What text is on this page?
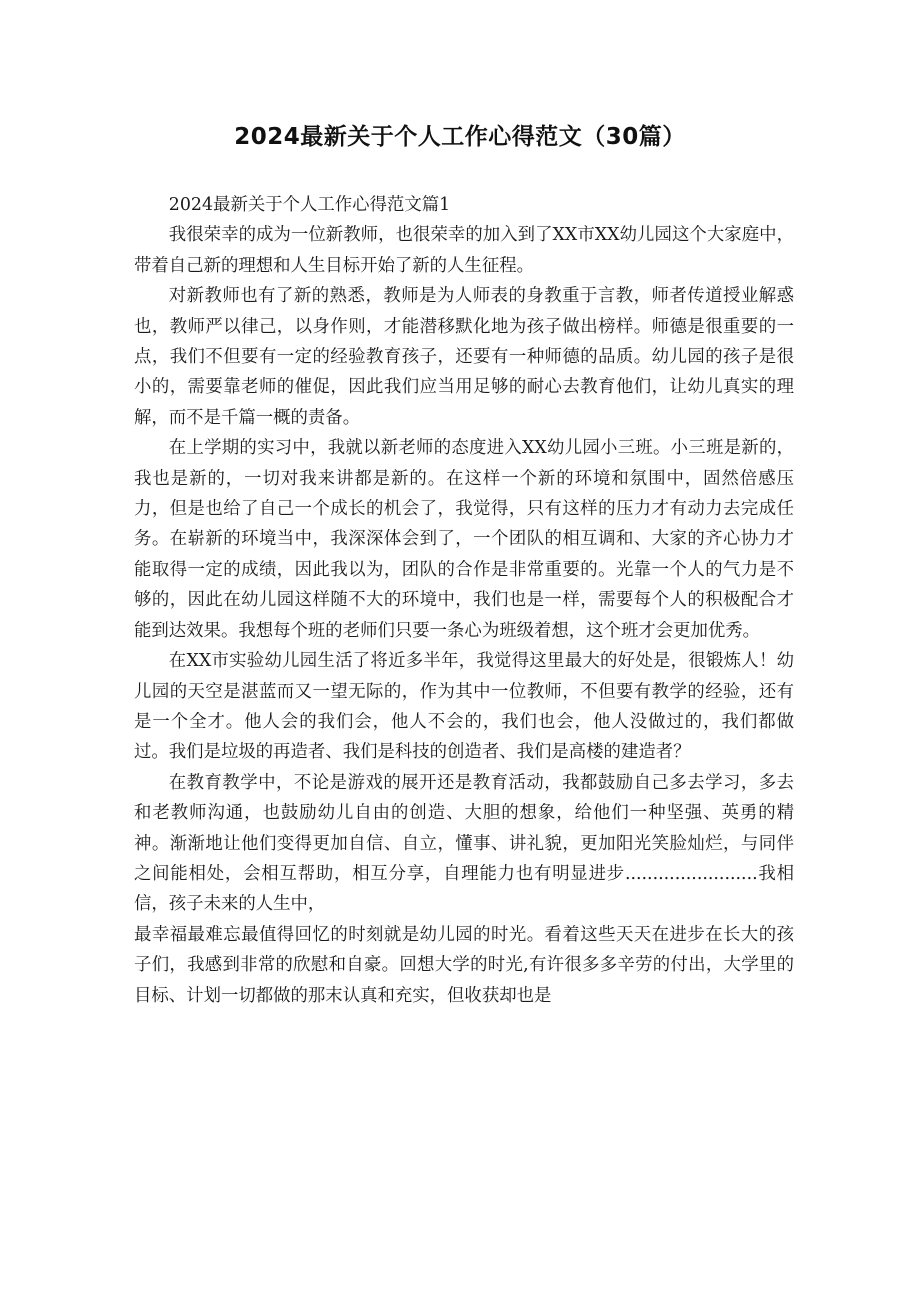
2024最新关于个人工作心得范文（30篇）

2024最新关于个人工作心得范文篇1

我很荣幸的成为一位新教师，也很荣幸的加入到了XX市XX幼儿园这个大家庭中，带着自己新的理想和人生目标开始了新的人生征程。

对新教师也有了新的熟悉，教师是为人师表的身教重于言教，师者传道授业解惑也，教师严以律己，以身作则，才能潜移默化地为孩子做出榜样。师德是很重要的一点，我们不但要有一定的经验教育孩子，还要有一种师德的品质。幼儿园的孩子是很小的，需要靠老师的催促，因此我们应当用足够的耐心去教育他们，让幼儿真实的理解，而不是千篇一概的责备。

在上学期的实习中，我就以新老师的态度进入XX幼儿园小三班。小三班是新的，我也是新的，一切对我来讲都是新的。在这样一个新的环境和氛围中，固然倍感压力，但是也给了自己一个成长的机会了，我觉得，只有这样的压力才有动力去完成任务。在崭新的环境当中，我深深体会到了，一个团队的相互调和、大家的齐心协力才能取得一定的成绩，因此我以为，团队的合作是非常重要的。光靠一个人的气力是不够的，因此在幼儿园这样随不大的环境中，我们也是一样，需要每个人的积极配合才能到达效果。我想每个班的老师们只要一条心为班级着想，这个班才会更加优秀。

在XX市实验幼儿园生活了将近多半年，我觉得这里最大的好处是，很锻炼人！幼儿园的天空是湛蓝而又一望无际的，作为其中一位教师，不但要有教学的经验，还有是一个全才。他人会的我们会，他人不会的，我们也会，他人没做过的，我们都做过。我们是垃圾的再造者、我们是科技的创造者、我们是高楼的建造者？

在教育教学中，不论是游戏的展开还是教育活动，我都鼓励自己多去学习，多去和老教师沟通，也鼓励幼儿自由的创造、大胆的想象，给他们一种坚强、英勇的精神。渐渐地让他们变得更加自信、自立，懂事、讲礼貌，更加阳光笑脸灿烂，与同伴之间能相处，会相互帮助，相互分享，自理能力也有明显进步........................我相信，孩子未来的人生中，

最幸福最难忘最值得回忆的时刻就是幼儿园的时光。看着这些天天在进步在长大的孩子们，我感到非常的欣慰和自豪。回想大学的时光,有许很多多辛劳的付出，大学里的目标、计划一切都做的那末认真和充实，但收获却也是
